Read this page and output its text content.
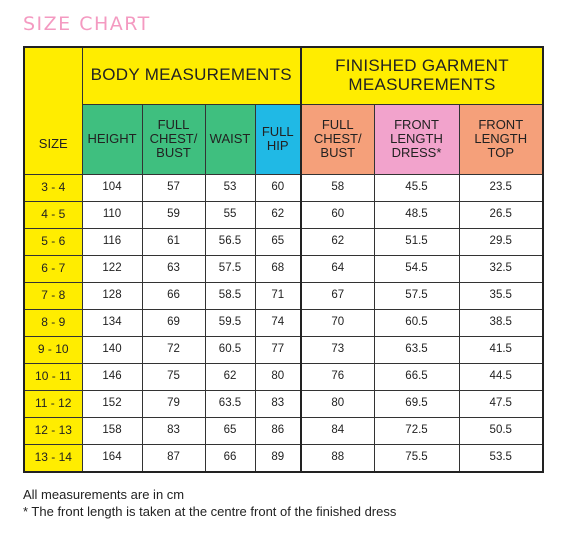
SIZE CHART
SIZE	BODY MEASUREMENTS				FINISHED GARMENT MEASUREMENTS		
	HEIGHT	FULL CHEST/ BUST	WAIST	FULL HIP	FULL CHEST/ BUST	FRONT LENGTH DRESS*	FRONT LENGTH TOP
3 - 4	104	57	53	60	58	45.5	23.5
4 - 5	110	59	55	62	60	48.5	26.5
5 - 6	116	61	56.5	65	62	51.5	29.5
6 - 7	122	63	57.5	68	64	54.5	32.5
7 - 8	128	66	58.5	71	67	57.5	35.5
8 - 9	134	69	59.5	74	70	60.5	38.5
9 - 10	140	72	60.5	77	73	63.5	41.5
10 - 11	146	75	62	80	76	66.5	44.5
11 - 12	152	79	63.5	83	80	69.5	47.5
12 - 13	158	83	65	86	84	72.5	50.5
13 - 14	164	87	66	89	88	75.5	53.5
All measurements are in cm
* The front length is taken at the centre front of the finished dress
